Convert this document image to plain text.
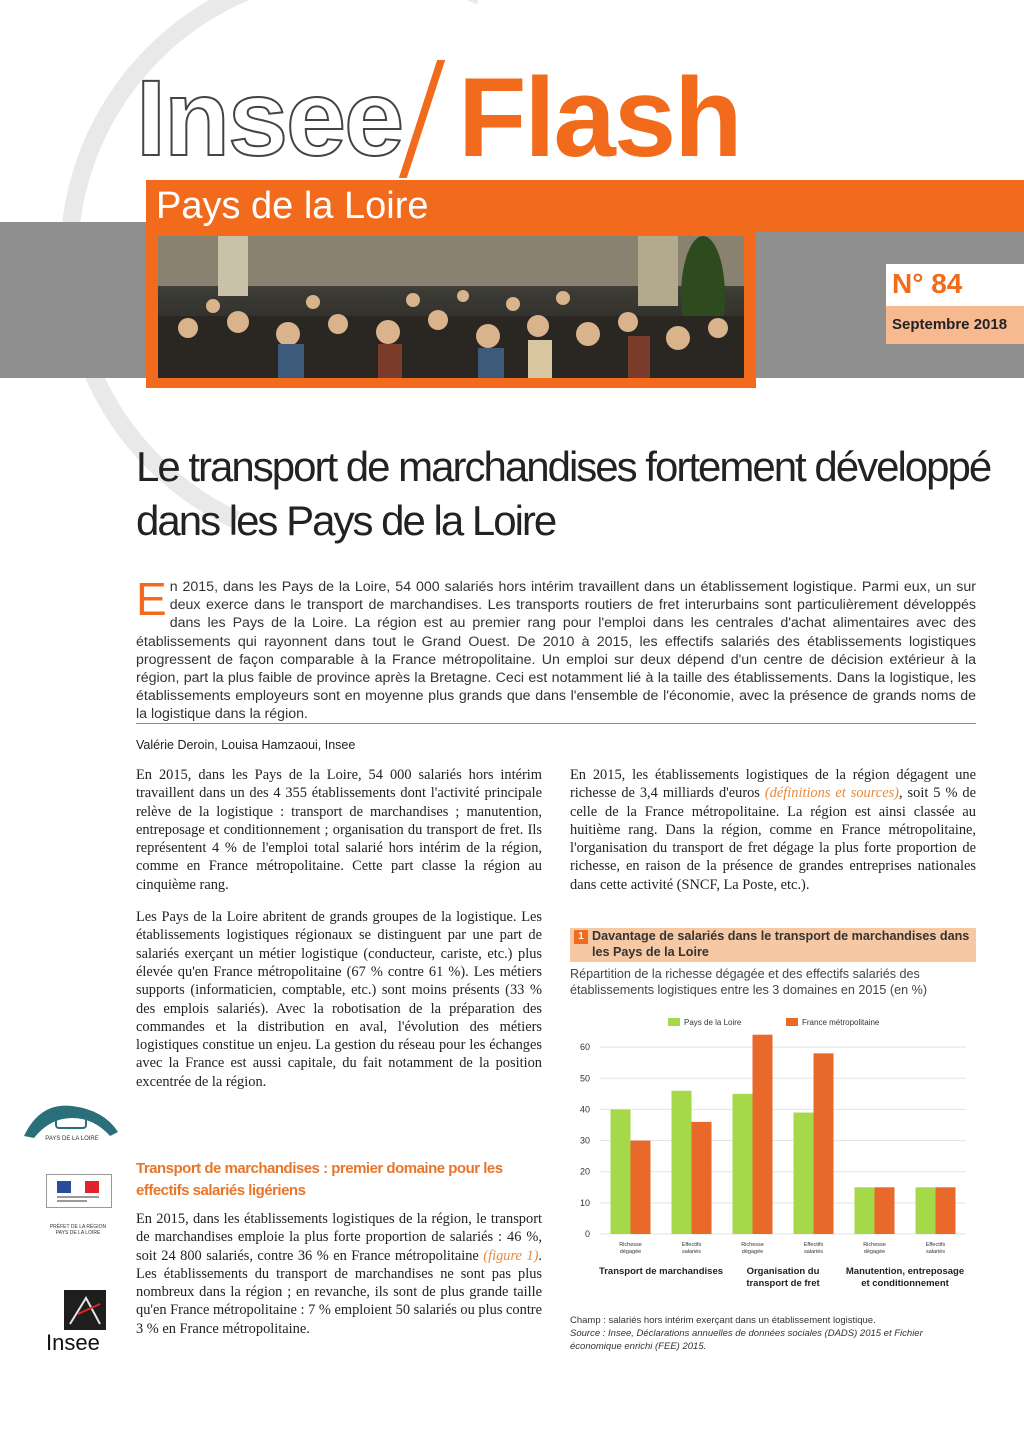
Insee Flash
Pays de la Loire
N° 84
Septembre 2018
Le transport de marchandises fortement développé dans les Pays de la Loire
En 2015, dans les Pays de la Loire, 54 000 salariés hors intérim travaillent dans un établissement logistique. Parmi eux, un sur deux exerce dans le transport de marchandises. Les transports routiers de fret interurbains sont particulièrement développés dans les Pays de la Loire. La région est au premier rang pour l'emploi dans les centrales d'achat alimentaires avec des établissements qui rayonnent dans tout le Grand Ouest. De 2010 à 2015, les effectifs salariés des établissements logistiques progressent de façon comparable à la France métropolitaine. Un emploi sur deux dépend d'un centre de décision extérieur à la région, part la plus faible de province après la Bretagne. Ceci est notamment lié à la taille des établissements. Dans la logistique, les établissements employeurs sont en moyenne plus grands que dans l'ensemble de l'économie, avec la présence de grands noms de la logistique dans la région.
Valérie Deroin, Louisa Hamzaoui, Insee

En 2015, dans les Pays de la Loire, 54 000 salariés hors intérim travaillent dans un des 4 355 établissements dont l'activité principale relève de la logistique : transport de marchandises ; manutention, entreposage et conditionnement ; organisation du transport de fret. Ils représentent 4 % de l'emploi total salarié hors intérim de la région, comme en France métropolitaine. Cette part classe la région au cinquième rang.

Les Pays de la Loire abritent de grands groupes de la logistique. Les établissements logistiques régionaux se distinguent par une part de salariés exerçant un métier logistique (conducteur, cariste, etc.) plus élevée qu'en France métropolitaine (67 % contre 61 %). Les métiers supports (informaticien, comptable, etc.) sont moins présents (33 % des emplois salariés). Avec la robotisation de la préparation des commandes et la distribution en aval, l'évolution des métiers logistiques constitue un enjeu. La gestion du réseau pour les échanges avec la France est aussi capitale, du fait notamment de la position excentrée de la région.

Transport de marchandises : premier domaine pour les effectifs salariés ligériens

En 2015, dans les établissements logistiques de la région, le transport de marchandises emploie la plus forte proportion de salariés : 46 %, soit 24 800 salariés, contre 36 % en France métropolitaine (figure 1). Les établissements du transport de marchandises ne sont pas plus nombreux dans la région ; en revanche, ils sont de plus grande taille qu'en France métropolitaine : 7 % emploient 50 salariés ou plus contre 3 % en France métropolitaine.

En 2015, les établissements logistiques de la région dégagent une richesse de 3,4 milliards d'euros (définitions et sources), soit 5 % de celle de la France métropolitaine. La région est ainsi classée au huitième rang. Dans la région, comme en France métropolitaine, l'organisation du transport de fret dégage la plus forte proportion de richesse, en raison de la présence de grandes entreprises nationales dans cette activité (SNCF, La Poste, etc.).

1 Davantage de salariés dans le transport de marchandises dans les Pays de la Loire
Répartition de la richesse dégagée et des effectifs salariés des établissements logistiques entre les 3 domaines en 2015 (en %)
0
10
20
30
40
50
60
Richesse dégagée
Effectifs salariés
Richesse dégagée
Effectifs salariés
Richesse dégagée
Effectifs salariés
Transport de marchandises Organisation du transport de fret
Manutention, entreposage et conditionnement
Pays de la Loire	France métropolitaine
Champ : salariés hors intérim exerçant dans un établissement logistique.
Source : Insee, Déclarations annuelles de données sociales (DADS) 2015 et Fichier économique enrichi (FEE) 2015.
PAYS DE LA LOIRE
PRÉFET DE LA RÉGION PAYS DE LA LOIRE
Insee
